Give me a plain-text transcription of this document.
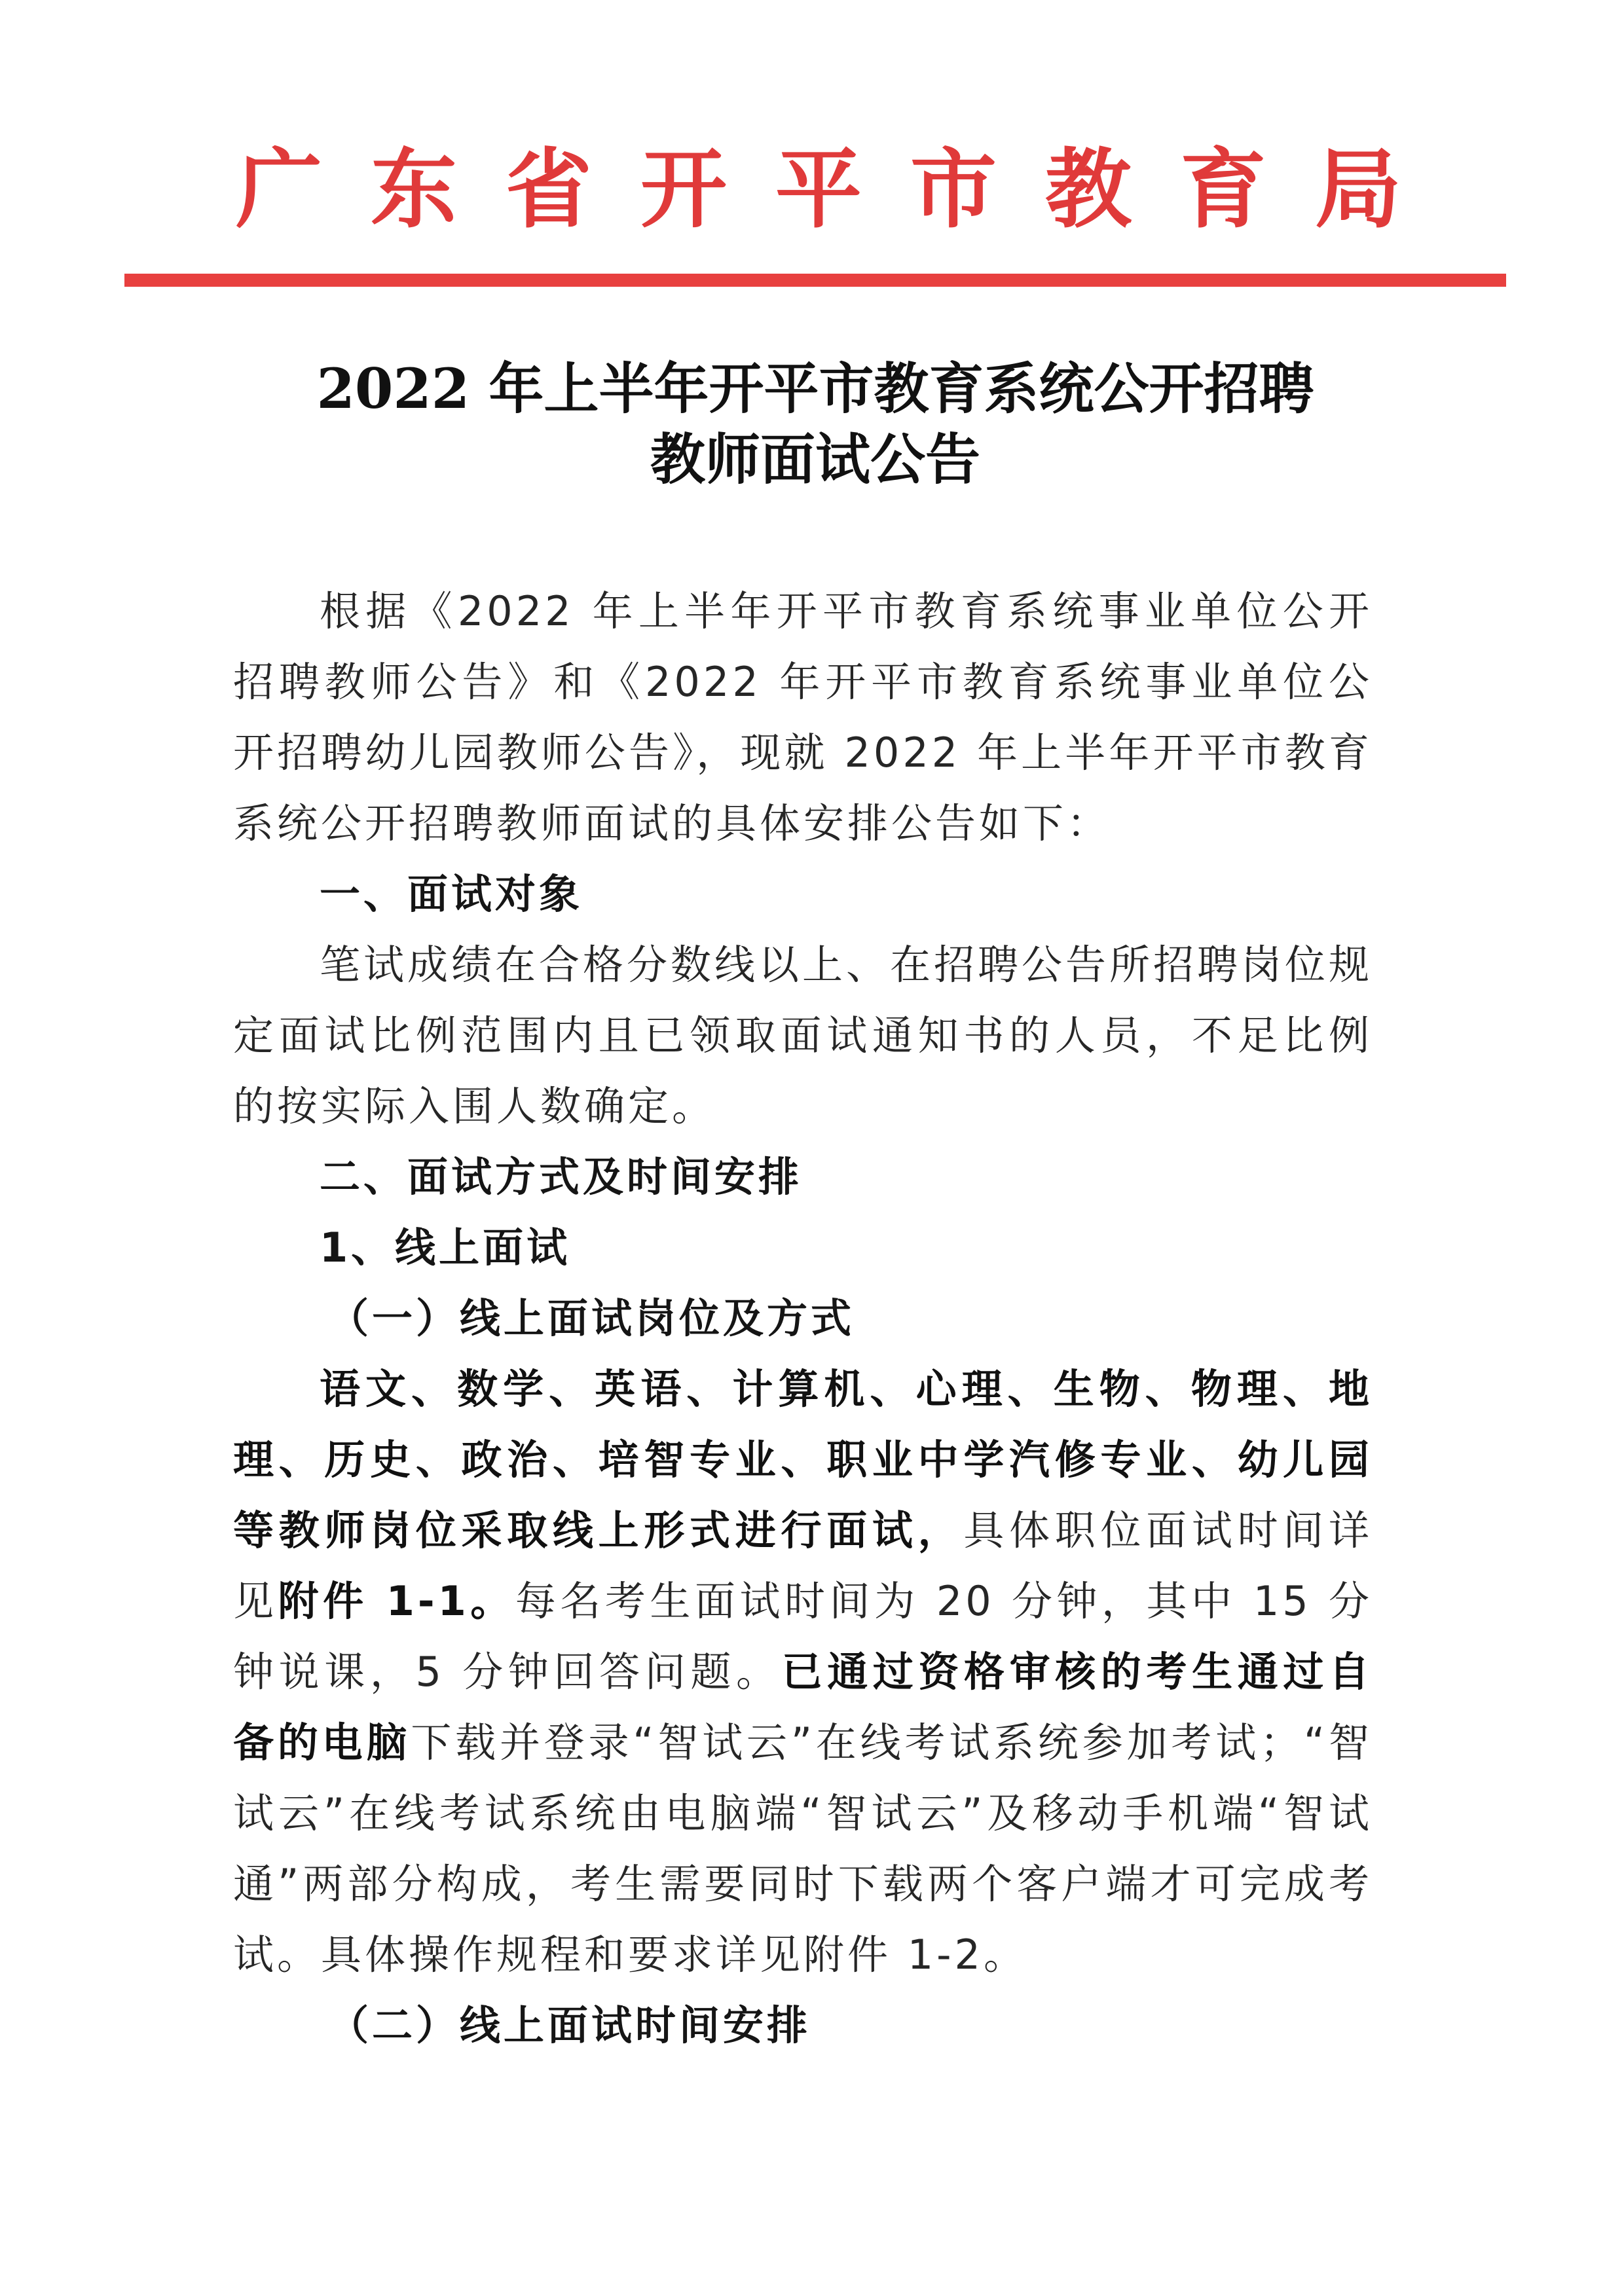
广 东 省 开 平 市 教 育 局
2022 年上半年开平市教育系统公开招聘
教师面试公告

根据《2022 年上半年开平市教育系统事业单位公开招聘教师公告》和《2022 年开平市教育系统事业单位公开招聘幼儿园教师公告》，现就 2022 年上半年开平市教育系统公开招聘教师面试的具体安排公告如下：

一、面试对象

笔试成绩在合格分数线以上、在招聘公告所招聘岗位规定面试比例范围内且已领取面试通知书的人员，不足比例的按实际入围人数确定。

二、面试方式及时间安排

1、线上面试

（一）线上面试岗位及方式

语文、数学、英语、计算机、心理、生物、物理、地理、历史、政治、培智专业、职业中学汽修专业、幼儿园等教师岗位采取线上形式进行面试，具体职位面试时间详见附件 1-1。每名考生面试时间为 20 分钟，其中 15 分钟说课，5 分钟回答问题。已通过资格审核的考生通过自备的电脑下载并登录“智试云”在线考试系统参加考试；“智试云”在线考试系统由电脑端“智试云”及移动手机端“智试通”两部分构成，考生需要同时下载两个客户端才可完成考试。具体操作规程和要求详见附件 1-2。

（二）线上面试时间安排
